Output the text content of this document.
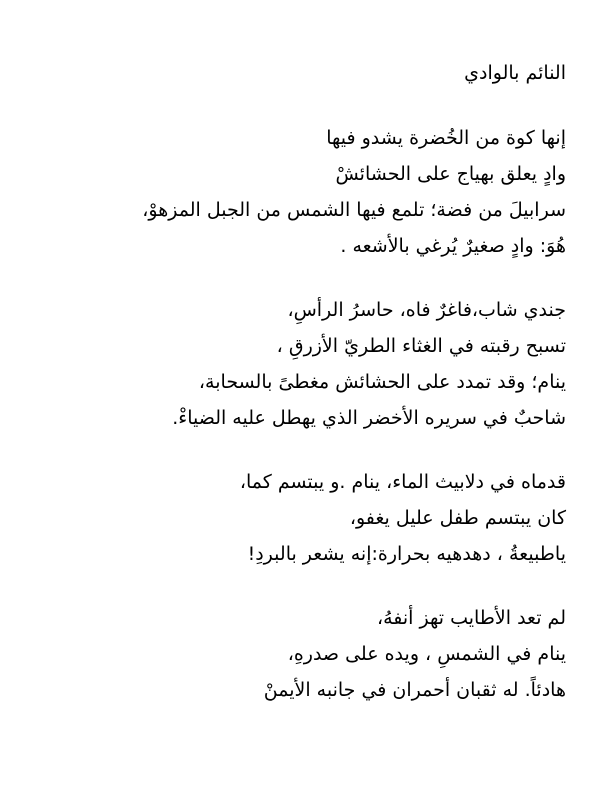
النائم بالوادي
إنها كوة من الخُضرة يشدو فيها
وادٍ يعلق بهياج على الحشائشْ
سرابيلَ من فضة؛ تلمع فيها الشمس من الجبل المزهوْ،
هُوَ: وادٍ صغيرٌ يُرغي بالأشعه .
جندي شاب،فاغرٌ فاه، حاسرُ الرأسِ،
تسبح رقبته في الغثاء الطريّ الأزرقِ ،
ينام؛ وقد تمدد على الحشائش مغطىً بالسحابة،
شاحبٌ في سريره الأخضر الذي يهطل عليه الضياءْ.
قدماه في دلابيث الماء، ينام .و يبتسم كما،
كان يبتسم طفل عليل يغفو،
ياطبيعةُ ، دهدهيه بحرارة:إنه يشعر بالبردِ!
لم تعد الأطايب تهز أنفهُ،
ينام في الشمسِ ، ويده على صدرهِ،
هادئاً. له ثقبان أحمران في جانبه الأيمنْ
